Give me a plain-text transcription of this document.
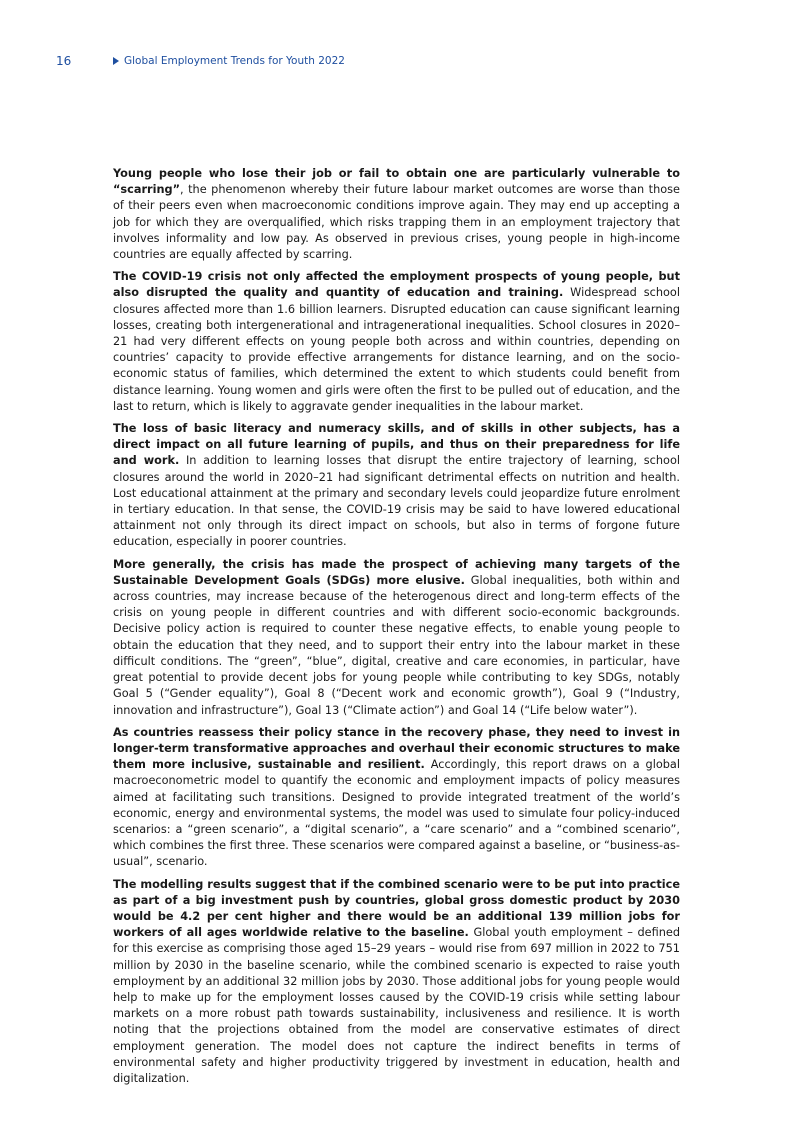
16	Global Employment Trends for Youth 2022

Young people who lose their job or fail to obtain one are particularly vulnerable to “scarring”, the phenomenon whereby their future labour market outcomes are worse than those of their peers even when macroeconomic conditions improve again. They may end up accepting a job for which they are overqualified, which risks trapping them in an employment trajectory that involves informality and low pay. As observed in previous crises, young people in high-income countries are equally affected by scarring.

The COVID-19 crisis not only affected the employment prospects of young people, but also disrupted the quality and quantity of education and training. Widespread school closures affected more than 1.6 billion learners. Disrupted education can cause significant learning losses, creating both intergenerational and intragenerational inequalities. School closures in 2020–21 had very different effects on young people both across and within countries, depending on countries’ capacity to provide effective arrangements for distance learning, and on the socio-economic status of families, which determined the extent to which students could benefit from distance learning. Young women and girls were often the first to be pulled out of education, and the last to return, which is likely to aggravate gender inequalities in the labour market.

The loss of basic literacy and numeracy skills, and of skills in other subjects, has a direct impact on all future learning of pupils, and thus on their preparedness for life and work. In addition to learning losses that disrupt the entire trajectory of learning, school closures around the world in 2020–21 had significant detrimental effects on nutrition and health. Lost educational attainment at the primary and secondary levels could jeopardize future enrolment in tertiary education. In that sense, the COVID-19 crisis may be said to have lowered educational attainment not only through its direct impact on schools, but also in terms of forgone future education, especially in poorer countries.

More generally, the crisis has made the prospect of achieving many targets of the Sustainable Development Goals (SDGs) more elusive. Global inequalities, both within and across countries, may increase because of the heterogenous direct and long-term effects of the crisis on young people in different countries and with different socio-economic backgrounds. Decisive policy action is required to counter these negative effects, to enable young people to obtain the education that they need, and to support their entry into the labour market in these difficult conditions. The “green”, “blue”, digital, creative and care economies, in particular, have great potential to provide decent jobs for young people while contributing to key SDGs, notably Goal 5 (“Gender equality”), Goal 8 (“Decent work and economic growth”), Goal 9 (“Industry, innovation and infrastructure”), Goal 13 (“Climate action”) and Goal 14 (“Life below water”).

As countries reassess their policy stance in the recovery phase, they need to invest in longer-term transformative approaches and overhaul their economic structures to make them more inclusive, sustainable and resilient. Accordingly, this report draws on a global macroeconometric model to quantify the economic and employment impacts of policy measures aimed at facilitating such transitions. Designed to provide integrated treatment of the world’s economic, energy and environmental systems, the model was used to simulate four policy-induced scenarios: a “green scenario”, a “digital scenario”, a “care scenario” and a “combined scenario”, which combines the first three. These scenarios were compared against a baseline, or “business-as-usual”, scenario.

The modelling results suggest that if the combined scenario were to be put into practice as part of a big investment push by countries, global gross domestic product by 2030 would be 4.2 per cent higher and there would be an additional 139 million jobs for workers of all ages worldwide relative to the baseline. Global youth employment – defined for this exercise as comprising those aged 15–29 years – would rise from 697 million in 2022 to 751 million by 2030 in the baseline scenario, while the combined scenario is expected to raise youth employment by an additional 32 million jobs by 2030. Those additional jobs for young people would help to make up for the employment losses caused by the COVID-19 crisis while setting labour markets on a more robust path towards sustainability, inclusiveness and resilience. It is worth noting that the projections obtained from the model are conservative estimates of direct employment generation. The model does not capture the indirect benefits in terms of environmental safety and higher productivity triggered by investment in education, health and digitalization.
